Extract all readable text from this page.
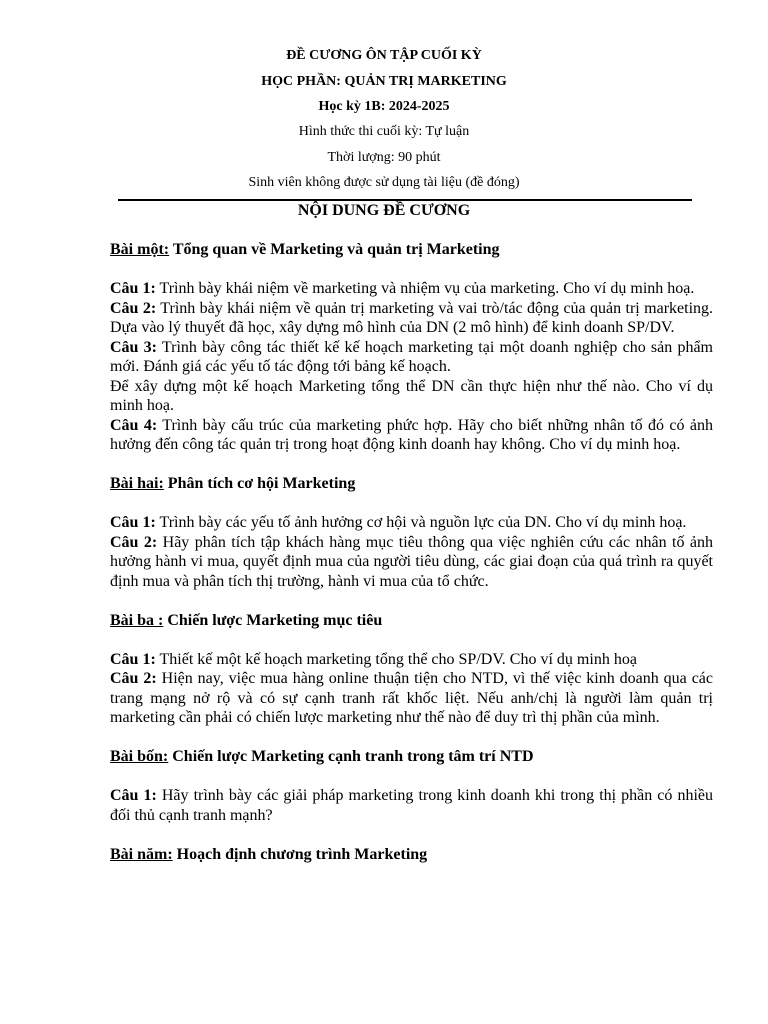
ĐỀ CƯƠNG ÔN TẬP CUỐI KỲ
HỌC PHẦN: QUẢN TRỊ MARKETING
Học kỳ 1B: 2024-2025
Hình thức thi cuối kỳ: Tự luận
Thời lượng: 90 phút
Sinh viên không được sử dụng tài liệu (đề đóng)
NỘI DUNG ĐỀ CƯƠNG

Bài một: Tổng quan về Marketing và quản trị Marketing

Câu 1: Trình bày khái niệm về marketing và nhiệm vụ của marketing. Cho ví dụ minh hoạ.

Câu 2: Trình bày khái niệm về quản trị marketing và vai trò/tác động của quản trị marketing. Dựa vào lý thuyết đã học, xây dựng mô hình của DN (2 mô hình) để kinh doanh SP/DV.

Câu 3: Trình bày công tác thiết kế kế hoạch marketing tại một doanh nghiệp cho sản phẩm mới. Đánh giá các yếu tố tác động tới bảng kế hoạch.

Để xây dựng một kế hoạch Marketing tổng thể DN cần thực hiện như thế nào. Cho ví dụ minh hoạ.

Câu 4: Trình bày cấu trúc của marketing phức hợp. Hãy cho biết những nhân tố đó có ảnh hưởng đến công tác quản trị trong hoạt động kinh doanh hay không. Cho ví dụ minh hoạ.

Bài hai: Phân tích cơ hội Marketing

Câu 1: Trình bày các yếu tố ảnh hưởng cơ hội và nguồn lực của DN. Cho ví dụ minh hoạ.

Câu 2: Hãy phân tích tập khách hàng mục tiêu thông qua việc nghiên cứu các nhân tố ảnh hưởng hành vi mua, quyết định mua của người tiêu dùng, các giai đoạn của quá trình ra quyết định mua và phân tích thị trường, hành vi mua của tổ chức.

Bài ba : Chiến lược Marketing mục tiêu

Câu 1: Thiết kế một kế hoạch marketing tổng thể cho SP/DV. Cho ví dụ minh hoạ

Câu 2: Hiện nay, việc mua hàng online thuận tiện cho NTD, vì thế việc kinh doanh qua các trang mạng nở rộ và có sự cạnh tranh rất khốc liệt. Nếu anh/chị là người làm quản trị marketing cần phải có chiến lược marketing như thế nào để duy trì thị phần của mình.

Bài bốn: Chiến lược Marketing cạnh tranh trong tâm trí NTD

Câu 1: Hãy trình bày các giải pháp marketing trong kinh doanh khi trong thị phần có nhiều đối thủ cạnh tranh mạnh?

Bài năm: Hoạch định chương trình Marketing
